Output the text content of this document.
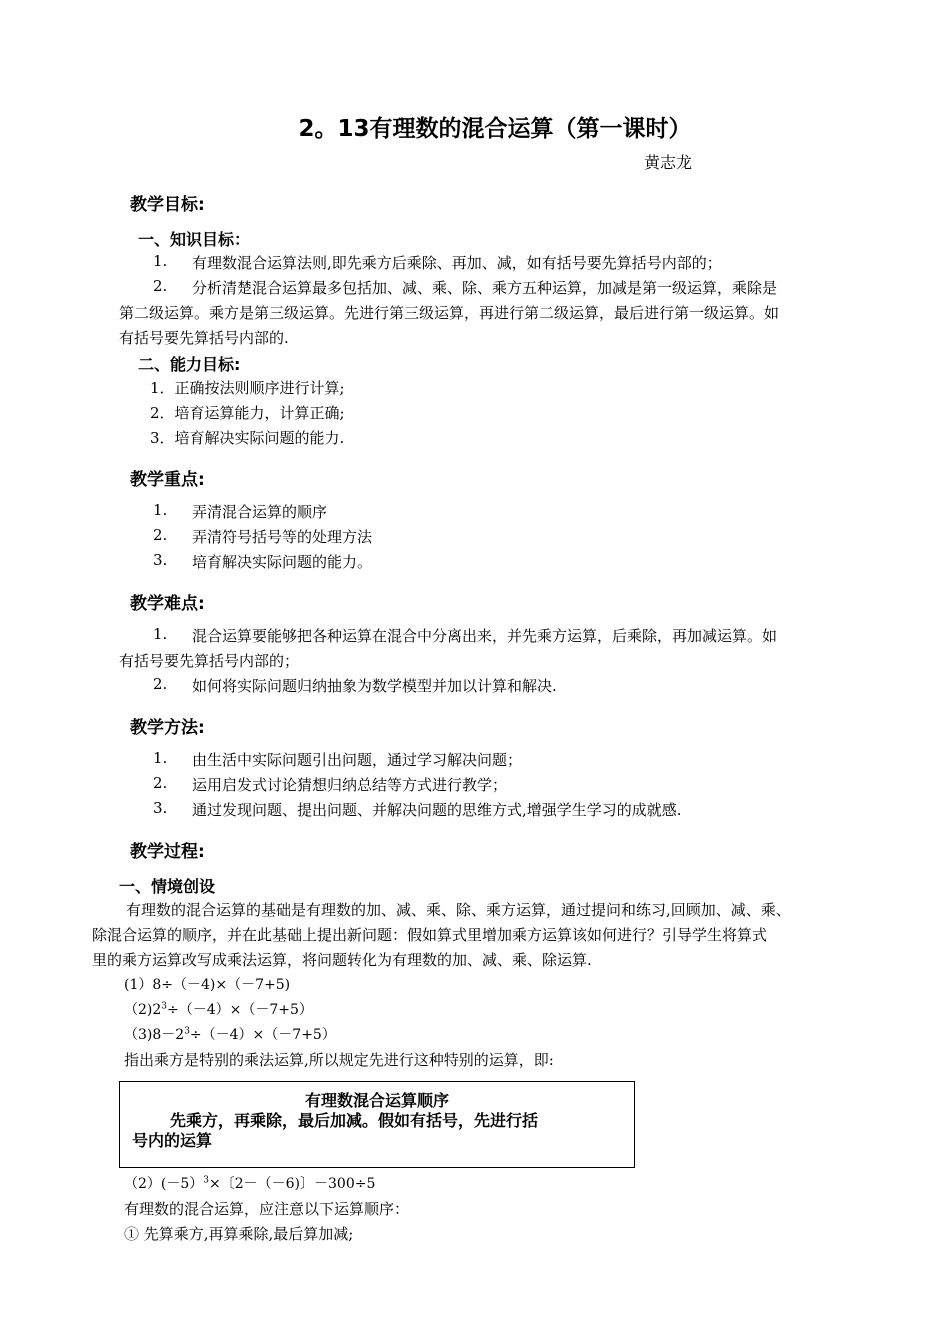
2。13有理数的混合运算（第一课时）
黄志龙
教学目标:
一、知识目标：
1. 有理数混合运算法则,即先乘方后乘除、再加、减，如有括号要先算括号内部的；
2. 分析清楚混合运算最多包括加、减、乘、除、乘方五种运算，加减是第一级运算，乘除是
第二级运算。乘方是第三级运算。先进行第三级运算，再进行第二级运算，最后进行第一级运算。如
有括号要先算括号内部的.
二、能力目标:
1．正确按法则顺序进行计算;
2．培育运算能力，计算正确;
3．培育解决实际问题的能力.
教学重点:
1. 弄清混合运算的顺序
2. 弄清符号括号等的处理方法
3. 培育解决实际问题的能力。
教学难点:
1. 混合运算要能够把各种运算在混合中分离出来，并先乘方运算，后乘除，再加减运算。如
有括号要先算括号内部的；
2. 如何将实际问题归纳抽象为数学模型并加以计算和解决.
教学方法:
1. 由生活中实际问题引出问题，通过学习解决问题；
2. 运用启发式讨论猜想归纳总结等方式进行教学；
3. 通过发现问题、提出问题、并解决问题的思维方式,增强学生学习的成就感.
教学过程:
一、情境创设
有理数的混合运算的基础是有理数的加、减、乘、除、乘方运算，通过提问和练习,回顾加、减、乘、
除混合运算的顺序，并在此基础上提出新问题：假如算式里增加乘方运算该如何进行？引导学生将算式
里的乘方运算改写成乘法运算，将问题转化为有理数的加、减、乘、除运算.
(1）8÷（－4)×（－7+5)
$(2)2^3\div(-4)\times(-7+5)$
$(3)8-2^3\div(-4)\times(-7+5)$
指出乘方是特别的乘法运算,所以规定先进行这种特别的运算，即:
有理数混合运算顺序
先乘方，再乘除，最后加减。假如有括号，先进行括
号内的运算
（2）(－5）$^3$×〔2－（－6)〕－300÷5
有理数的混合运算，应注意以下运算顺序：
① 先算乘方,再算乘除,最后算加减;
